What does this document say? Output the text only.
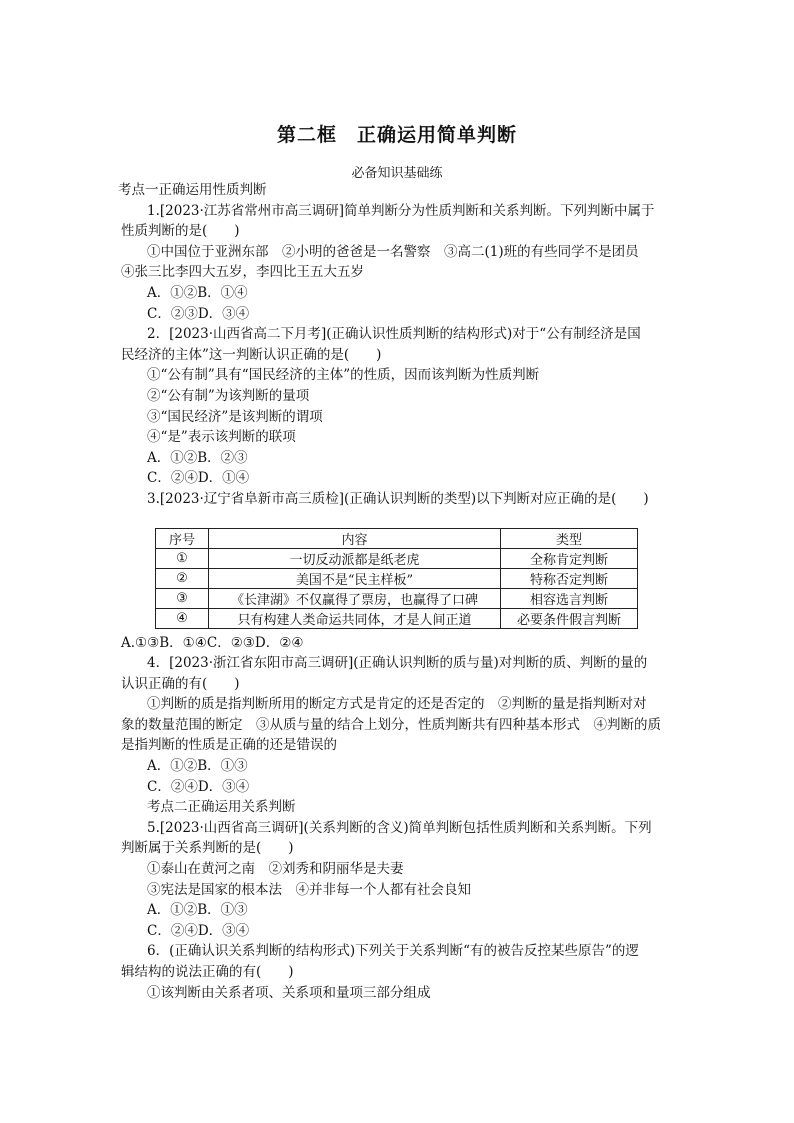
第二框　正确运用简单判断
必备知识基础练
考点一正确运用性质判断
1.[2023·江苏省常州市高三调研]简单判断分为性质判断和关系判断。下列判断中属于
性质判断的是(　　)
①中国位于亚洲东部　②小明的爸爸是一名警察　③高二(1)班的有些同学不是团员
④张三比李四大五岁，李四比王五大五岁
A．①②B．①④
C．②③D．③④
2．[2023·山西省高二下月考](正确认识性质判断的结构形式)对于“公有制经济是国
民经济的主体”这一判断认识正确的是(　　)
①“公有制”具有“国民经济的主体”的性质，因而该判断为性质判断
②“公有制”为该判断的量项
③“国民经济”是该判断的谓项
④“是”表示该判断的联项
A．①②B．②③
C．②④D．①④
3.[2023·辽宁省阜新市高三质检](正确认识判断的类型)以下判断对应正确的是(　　)
序号	内容	类型
①	一切反动派都是纸老虎	全称肯定判断
②	美国不是“民主样板”	特称否定判断
③	《长津湖》不仅赢得了票房，也赢得了口碑	相容选言判断
④	只有构建人类命运共同体，才是人间正道	必要条件假言判断
A.①③B．①④C．②③D．②④
4．[2023·浙江省东阳市高三调研](正确认识判断的质与量)对判断的质、判断的量的
认识正确的有(　　)
①判断的质是指判断所用的断定方式是肯定的还是否定的　②判断的量是指判断对对
象的数量范围的断定　③从质与量的结合上划分，性质判断共有四种基本形式　④判断的质
是指判断的性质是正确的还是错误的
A．①②B．①③
C．②④D．③④
考点二正确运用关系判断
5.[2023·山西省高三调研](关系判断的含义)简单判断包括性质判断和关系判断。下列
判断属于关系判断的是(　　)
①泰山在黄河之南　②刘秀和阴丽华是夫妻
③宪法是国家的根本法　④并非每一个人都有社会良知
A．①②B．①③
C．②④D．③④
6．(正确认识关系判断的结构形式)下列关于关系判断“有的被告反控某些原告”的逻
辑结构的说法正确的有(　　)
①该判断由关系者项、关系项和量项三部分组成
